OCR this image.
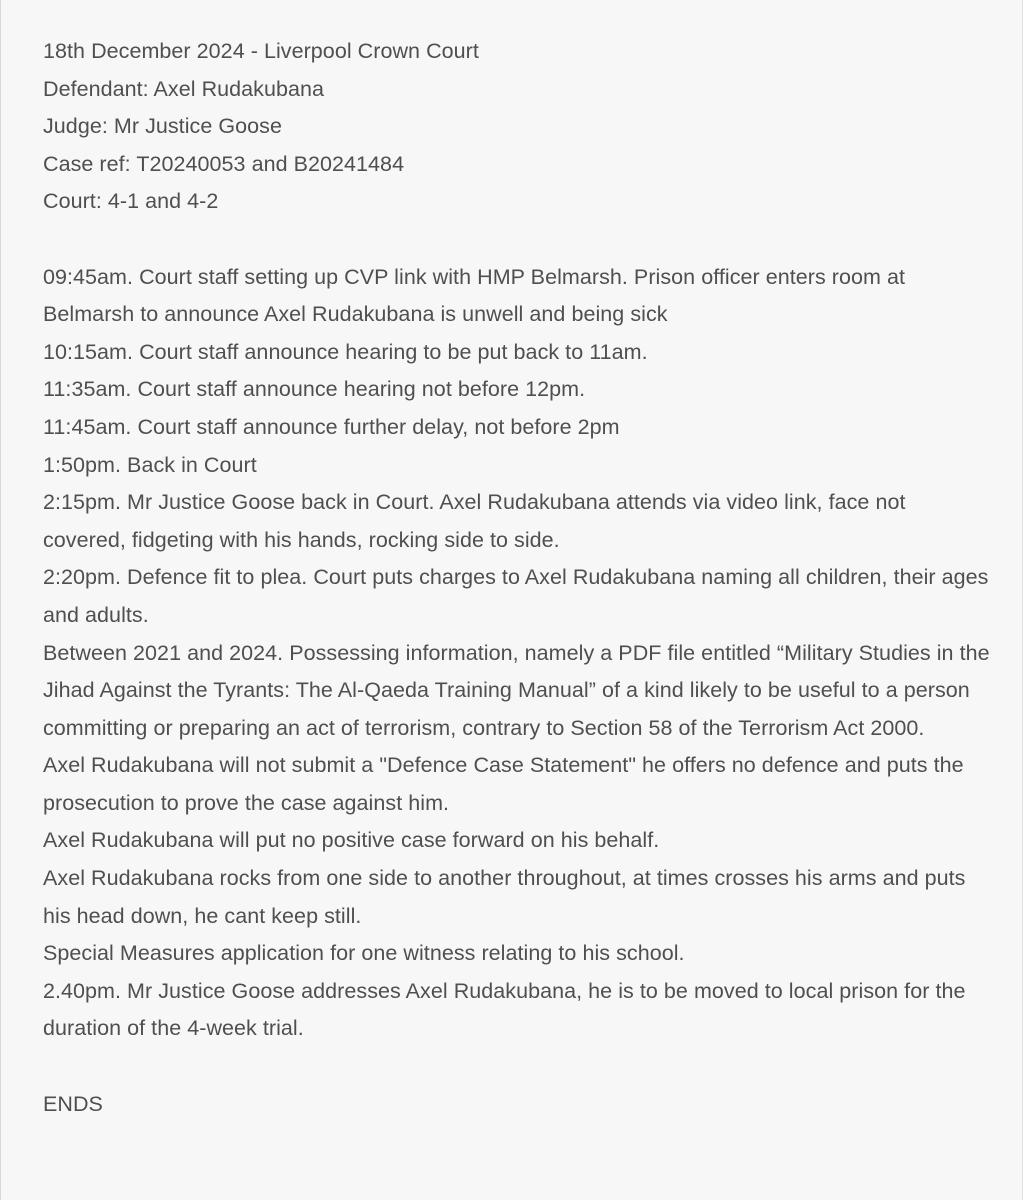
18th December 2024 - Liverpool Crown Court
Defendant: Axel Rudakubana
Judge: Mr Justice Goose
Case ref: T20240053 and B20241484
Court: 4-1 and 4-2
09:45am. Court staff setting up CVP link with HMP Belmarsh. Prison officer enters room at Belmarsh to announce Axel Rudakubana is unwell and being sick
10:15am. Court staff announce hearing to be put back to 11am.
11:35am. Court staff announce hearing not before 12pm.
11:45am. Court staff announce further delay, not before 2pm
1:50pm. Back in Court
2:15pm. Mr Justice Goose back in Court. Axel Rudakubana attends via video link, face not covered, fidgeting with his hands, rocking side to side.
2:20pm. Defence fit to plea. Court puts charges to Axel Rudakubana naming all children, their ages and adults.
Between 2021 and 2024. Possessing information, namely a PDF file entitled “Military Studies in the Jihad Against the Tyrants: The Al-Qaeda Training Manual” of a kind likely to be useful to a person committing or preparing an act of terrorism, contrary to Section 58 of the Terrorism Act 2000.
Axel Rudakubana will not submit a "Defence Case Statement" he offers no defence and puts the prosecution to prove the case against him.
Axel Rudakubana will put no positive case forward on his behalf.
Axel Rudakubana rocks from one side to another throughout, at times crosses his arms and puts his head down, he cant keep still.
Special Measures application for one witness relating to his school.
2.40pm. Mr Justice Goose addresses Axel Rudakubana, he is to be moved to local prison for the duration of the 4-week trial.
ENDS
